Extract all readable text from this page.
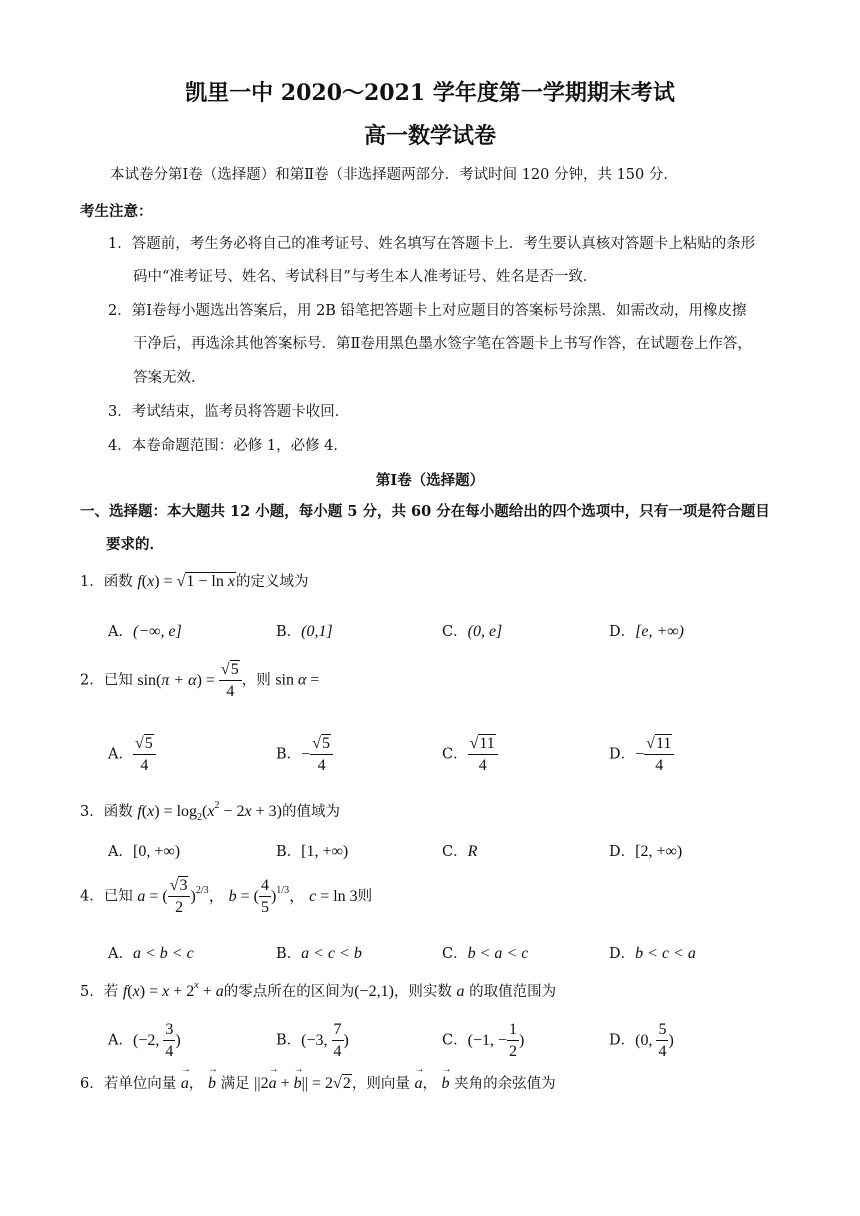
凯里一中 2020～2021 学年度第一学期期末考试
高一数学试卷
本试卷分第Ⅰ卷（选择题）和第Ⅱ卷（非选择题两部分．考试时间 120 分钟，共 150 分．
考生注意：
1．答题前，考生务必将自己的准考证号、姓名填写在答题卡上．考生要认真核对答题卡上粘贴的条形
码中“准考证号、姓名、考试科目”与考生本人准考证号、姓名是否一致．
2．第Ⅰ卷每小题选出答案后，用 2B 铅笔把答题卡上对应题目的答案标号涂黑．如需改动，用橡皮擦
干净后，再选涂其他答案标号．第Ⅱ卷用黑色墨水签字笔在答题卡上书写作答，在试题卷上作答，
答案无效．
3．考试结束，监考员将答题卡收回．
4．本卷命题范围：必修 1，必修 4．
第Ⅰ卷（选择题）
一、选择题：本大题共 12 小题，每小题 5 分，共 60 分在每小题给出的四个选项中，只有一项是符合题目
要求的．
1．函数 f(x) = √1 − ln x的定义域为
A．(−∞, e]	B．(0,1]	C．(0, e]	D．[e, +∞)
2．已知 $\sin(\pi + \alpha) = \frac{√5}{4}$ ，则 sin α =
A． $\frac{√5}{4}$	B．− $\frac{√5}{4}$	C． $\frac{√11}{4}$	D．− $\frac{√11}{4}$
3．函数 $f(x) = \log_2(x^2 - 2x + 3)$的值域为
A．[0, +∞)	B．[1, +∞)	C．R	D．[2, +∞)
4．已知 a = ( $\frac{√3}{2} )^{2/3}$， b = ( $\frac{4}{5} )^{1/3}$， c = ln 3则
A．a < b < c	B．a < c < b	C．b < a < c	D．b < c < a
5．若 $f(x) = x + 2^x + a$的零点所在的区间为(−2,1)，则实数 a 的取值范围为
A．(−2, $\frac{3}{4}$ )	B．(−3, $\frac{7}{4}$ )	C．(−1, − $\frac{1}{2}$ )	D．(0, $\frac{5}{4}$ )
6．若单位向量 → a， → b 满足 ||2→ a + → b|| = 2√2，则向量 → a， → b 夹角的余弦值为
